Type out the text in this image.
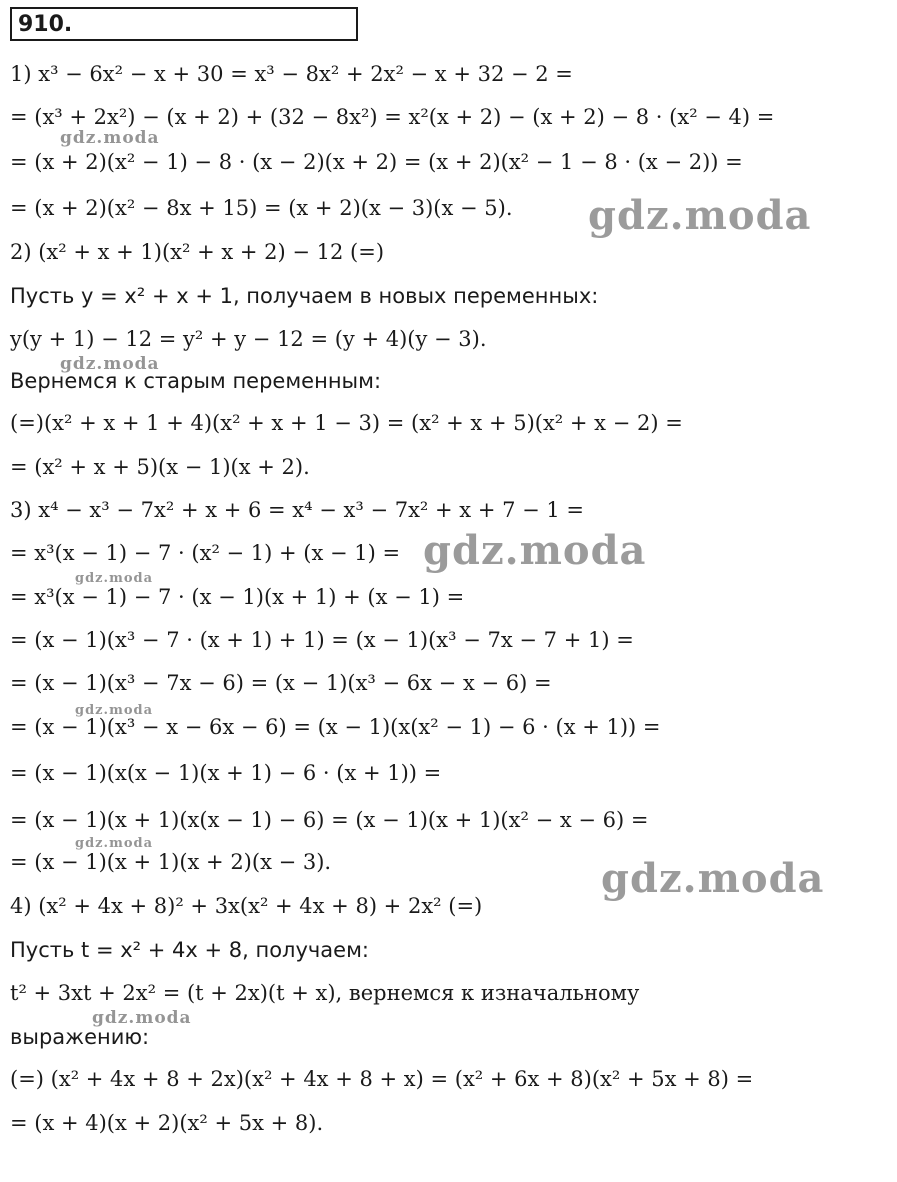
910.
1) x³ − 6x² − x + 30 = x³ − 8x² + 2x² − x + 32 − 2 =
= (x³ + 2x²) − (x + 2) + (32 − 8x²) = x²(x + 2) − (x + 2) − 8 · (x² − 4) =
= (x + 2)(x² − 1) − 8 · (x − 2)(x + 2) = (x + 2)(x² − 1 − 8 · (x − 2)) =
= (x + 2)(x² − 8x + 15) = (x + 2)(x − 3)(x − 5).
2) (x² + x + 1)(x² + x + 2) − 12 (=)
Пусть y = x² + x + 1, получаем в новых переменных:
y(y + 1) − 12 = y² + y − 12 = (y + 4)(y − 3).
Вернемся к старым переменным:
(=)(x² + x + 1 + 4)(x² + x + 1 − 3) = (x² + x + 5)(x² + x − 2) =
= (x² + x + 5)(x − 1)(x + 2).
3) x⁴ − x³ − 7x² + x + 6 = x⁴ − x³ − 7x² + x + 7 − 1 =
= x³(x − 1) − 7 · (x² − 1) + (x − 1) =
= x³(x − 1) − 7 · (x − 1)(x + 1) + (x − 1) =
= (x − 1)(x³ − 7 · (x + 1) + 1) = (x − 1)(x³ − 7x − 7 + 1) =
= (x − 1)(x³ − 7x − 6) = (x − 1)(x³ − 6x − x − 6) =
= (x − 1)(x³ − x − 6x − 6) = (x − 1)(x(x² − 1) − 6 · (x + 1)) =
= (x − 1)(x(x − 1)(x + 1) − 6 · (x + 1)) =
= (x − 1)(x + 1)(x(x − 1) − 6) = (x − 1)(x + 1)(x² − x − 6) =
= (x − 1)(x + 1)(x + 2)(x − 3).
4) (x² + 4x + 8)² + 3x(x² + 4x + 8) + 2x² (=)
Пусть t = x² + 4x + 8, получаем:
t² + 3xt + 2x² = (t + 2x)(t + x), вернемся к изначальному
выражению:
(=) (x² + 4x + 8 + 2x)(x² + 4x + 8 + x) = (x² + 6x + 8)(x² + 5x + 8) =
= (x + 4)(x + 2)(x² + 5x + 8).
gdz.moda
gdz.moda
gdz.moda
gdz.moda
gdz.moda
gdz.moda
gdz.moda
gdz.moda
gdz.moda
